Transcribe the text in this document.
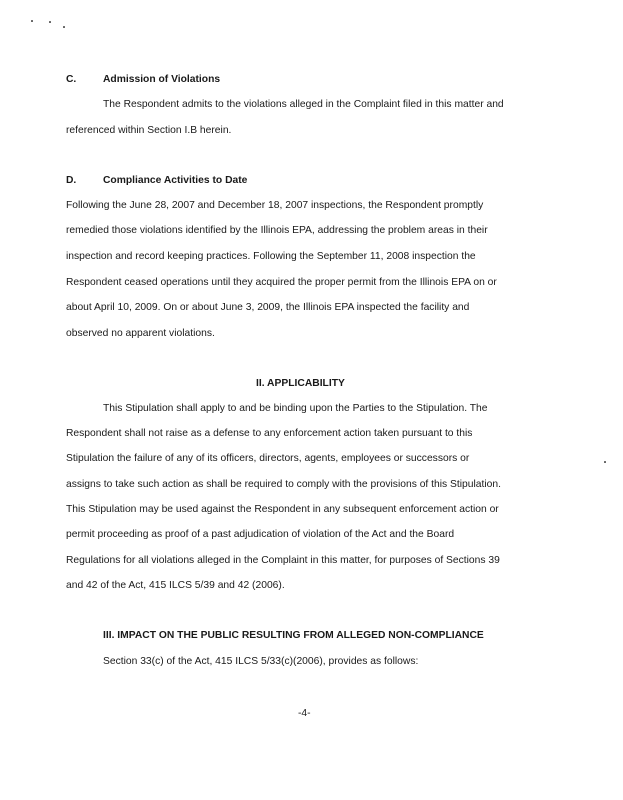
C.	Admission of Violations
The Respondent admits to the violations alleged in the Complaint filed in this matter and
referenced within Section I.B herein.
D.	Compliance Activities to Date
Following the June 28, 2007 and December 18, 2007 inspections, the Respondent promptly
remedied those violations identified by the Illinois EPA, addressing the problem areas in their
inspection and record keeping practices. Following the September 11, 2008 inspection the
Respondent ceased operations until they acquired the proper permit from the Illinois EPA on or
about April 10, 2009. On or about June 3, 2009, the Illinois EPA inspected the facility and
observed no apparent violations.
II. APPLICABILITY
This Stipulation shall apply to and be binding upon the Parties to the Stipulation. The
Respondent shall not raise as a defense to any enforcement action taken pursuant to this
Stipulation the failure of any of its officers, directors, agents, employees or successors or
assigns to take such action as shall be required to comply with the provisions of this Stipulation.
This Stipulation may be used against the Respondent in any subsequent enforcement action or
permit proceeding as proof of a past adjudication of violation of the Act and the Board
Regulations for all violations alleged in the Complaint in this matter, for purposes of Sections 39
and 42 of the Act, 415 ILCS 5/39 and 42 (2006).
III. IMPACT ON THE PUBLIC RESULTING FROM ALLEGED NON-COMPLIANCE
Section 33(c) of the Act, 415 ILCS 5/33(c)(2006), provides as follows:
-4-
